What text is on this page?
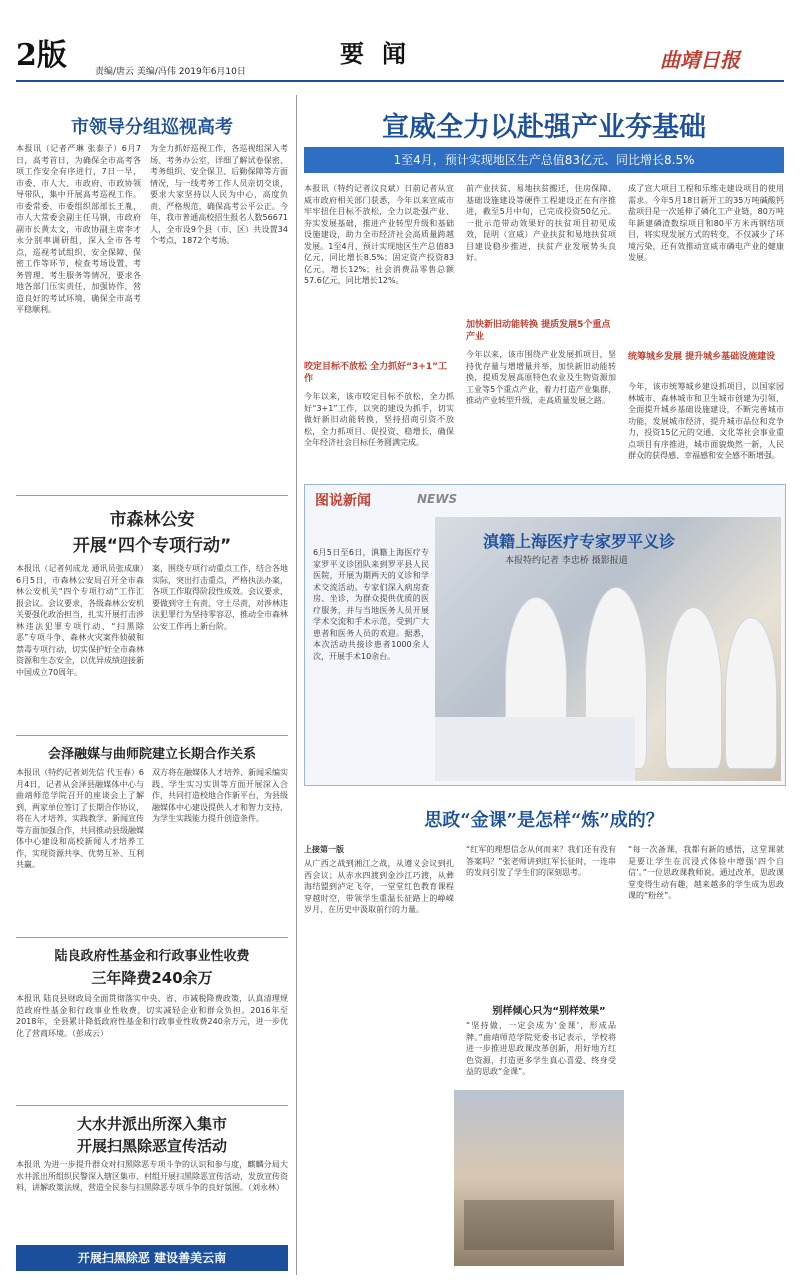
2版	责编/唐云 美编/冯伟 2019年6月10日
要闻	曲靖日报
市领导分组巡视高考
本报讯（记者严琳 张泰子）6月7日，高考首日，为确保全市高考各项工作安全有序进行，7日一早，市委、市人大、市政府、市政协领导带队，集中开展高考巡视工作。市委常委、市委组织部部长王胤，市人大常委会副主任马钢，市政府副市长黄太文，市政协副主席李才永分别率调研组，深入全市各考点，巡视考试组织、安全保障、保密工作等环节，检查考场设置、考务管理、考生服务等情况，要求各地各部门压实责任，加强协作，营造良好的考试环境，确保全市高考平稳顺利。
为全力抓好巡视工作，各巡视组深入考场、考务办公室，详细了解试卷保密、考务组织、安全保卫、后勤保障等方面情况，与一线考务工作人员亲切交谈，要求大家坚持以人民为中心，高度负责、严格规范，确保高考公平公正。今年，我市普通高校招生报名人数56671人，全市设9个县（市、区）共设置34个考点，1872个考场。
市森林公安
开展“四个专项行动”
本报讯（记者何成龙 通讯员张成康）6月5日，市森林公安局召开全市森林公安机关“四个专项行动”工作汇报会议。会议要求，各级森林公安机关要强化政治担当，扎实开展打击涉林违法犯罪专项行动、“扫黑除恶”专项斗争、森林火灾案件侦破和禁毒专项行动，切实保护好全市森林资源和生态安全，以优异成绩迎接新中国成立70周年。
案，围绕专项行动重点工作，结合各地实际，突出打击重点，严格执法办案，各项工作取得阶段性成效。会议要求，要做到守土有责、守土尽责，对涉林违法犯罪行为坚持零容忍，推动全市森林公安工作再上新台阶。
会泽融媒与曲师院建立长期合作关系
本报讯（特约记者刘先信 代玉春）6月4日，记者从会泽县融媒体中心与曲靖师范学院召开的座谈会上了解到，两家单位签订了长期合作协议，将在人才培养、实践教学、新闻宣传等方面加强合作，共同推动县级融媒体中心建设和高校新闻人才培养工作，实现资源共享、优势互补、互利共赢。
双方将在融媒体人才培养、新闻采编实践、学生实习实训等方面开展深入合作，共同打造校地合作新平台，为县级融媒体中心建设提供人才和智力支持，为学生实践能力提升创造条件。
陆良政府性基金和行政事业性收费
三年降费240余万
本报讯 陆良县财政局全面贯彻落实中央、省、市减税降费政策，认真清理规范政府性基金和行政事业性收费，切实减轻企业和群众负担。2016年至2018年，全县累计降低政府性基金和行政事业性收费240余万元，进一步优化了营商环境。（彭成云）
大水井派出所深入集市
开展扫黑除恶宣传活动
本报讯 为进一步提升群众对扫黑除恶专项斗争的认识和参与度，麒麟分局大水井派出所组织民警深入辖区集市、村组开展扫黑除恶宣传活动，发放宣传资料，讲解政策法规，营造全民参与扫黑除恶专项斗争的良好氛围。（刘永林）
开展扫黑除恶 建设善美云南
宣威全力以赴强产业夯基础
1至4月，预计实现地区生产总值83亿元、同比增长8.5%
本报讯（特约记者汶良斌）日前记者从宣威市政府相关部门获悉，今年以来宣威市牢牢扭住目标不放松，全力以赴强产业、夯实发展基础，推进产业转型升级和基础设施建设，助力全市经济社会高质量跨越发展。1至4月，预计实现地区生产总值83亿元，同比增长8.5%；固定资产投资83亿元，增长12%；社会消费品零售总额57.6亿元，同比增长12%。
咬定目标不放松 全力抓好“3+1”工作
今年以来，该市咬定目标不放松，全力抓好“3+1”工作，以突的建设为抓手，切实做好新旧动能转换，坚持招商引资不放松，全力抓项目、促投资、稳增长，确保全年经济社会目标任务圆满完成。
前产业扶贫、易地扶贫搬迁，住房保障、基础设施建设等硬件工程建设正在有序推进，截至5月中旬，已完成投资50亿元。一批示范带动效果好的扶贫项目初见成效，昆明（宣威）产业扶贫和易地扶贫项目建设稳步推进，扶贫产业发展势头良好。
加快新旧动能转换 提质发展5个重点产业
今年以来，该市围绕产业发展抓项目，坚持优存量与增增量并举，加快新旧动能转换，提质发展高原特色农业及生物资源加工业等5个重点产业，着力打造产业集群，推动产业转型升级，走高质量发展之路。
成了宣大项目工程和乐维走建设项目的使用需求。今年5月18日新开工的35万吨碱酸钙盐项目是一次延伸了磷化工产业链，80万吨年新建磷渣数综项目和80平方米再钢结项目，将实现发展方式的转变，不仅减少了环境污染，还有效推动宣威市磷电产业的健康发展。
统筹城乡发展 提升城乡基础设施建设
今年，该市统筹城乡建设抓项目，以国家园林城市、森林城市和卫生城市创建为引领，全面提升城乡基础设施建设，不断完善城市功能，发展城市经济，提升城市品位和竞争力，投资15亿元的交通、文化等社会事业重点项目有序推进，城市面貌焕然一新，人民群众的获得感、幸福感和安全感不断增强。
图说新闻	NEWS
6月5日至6日，滇籍上海医疗专家罗平义诊团队来到罗平县人民医院，开展为期两天的义诊和学术交流活动。专家们深入病房查房、坐诊，为群众提供优质的医疗服务，并与当地医务人员开展学术交流和手术示范，受到广大患者和医务人员的欢迎。据悉，本次活动共接诊患者1000余人次，开展手术10余台。
滇籍上海医疗专家罗平义诊
本报特约记者 李忠桥 摄影报道
思政“金课”是怎样“炼”成的？
上接第一版
从广西之战到湘江之战，从遵义会议到扎西会议；从赤水四渡到金沙江巧渡，从彝海结盟到泸定飞夺，一堂堂红色教育课程穿越时空，带领学生重温长征路上的峥嵘岁月，在历史中汲取前行的力量。
“红军的理想信念从何而来？我们还有没有答案吗？”张老师讲到红军长征时，一连串的发问引发了学生们的深刻思考。
别样倾心只为“别样效果”
“坚持做，一定会成为‘金课’，形成品牌。”曲靖师范学院党委书记表示，学校将进一步推进思政课改革创新，用好地方红色资源，打造更多学生真心喜爱、终身受益的思政“金课”。
“每一次备课，我都有新的感悟，这堂课就是要让学生在沉浸式体验中增强‘四个自信’。”一位思政课教师说。通过改革，思政课堂变得生动有趣，越来越多的学生成为思政课的“粉丝”。
